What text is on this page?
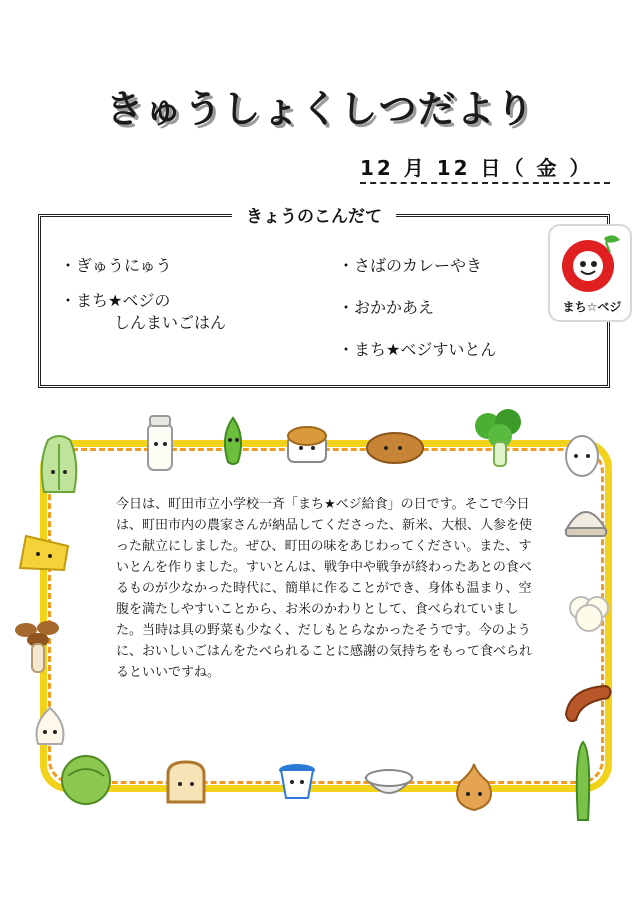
きゅうしょくしつだより
12 月 12 日（ 金 ）
きょうのこんだて
・ぎゅうにゅう
・まち★ベジの
しんまいごはん
・さばのカレーやき
・おかかあえ
・まち★ベジすいとん
まち☆ベジ
今日は、町田市立小学校一斉「まち★ベジ給食」の日です。そこで今日は、町田市内の農家さんが納品してくださった、新米、大根、人参を使った献立にしました。ぜひ、町田の味をあじわってください。また、すいとんを作りました。すいとんは、戦争中や戦争が終わったあとの食べるものが少なかった時代に、簡単に作ることができ、身体も温まり、空腹を満たしやすいことから、お米のかわりとして、食べられていました。当時は具の野菜も少なく、だしもとらなかったそうです。今のように、おいしいごはんをたべられることに感謝の気持ちをもって食べられるといいですね。
